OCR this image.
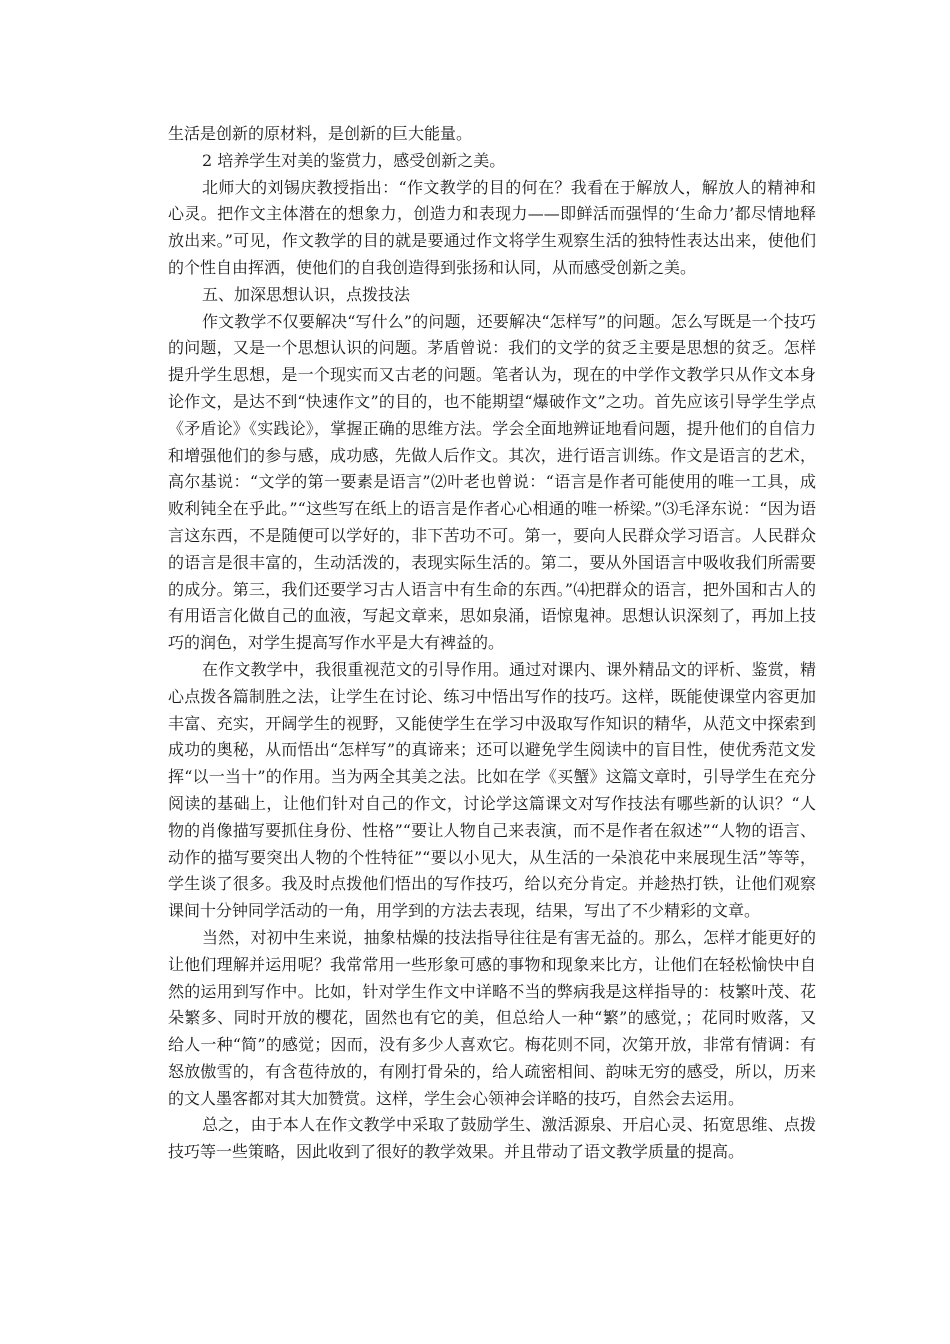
生活是创新的原材料，是创新的巨大能量。

2 培养学生对美的鉴赏力，感受创新之美。

北师大的刘锡庆教授指出：“作文教学的目的何在？我看在于解放人，解放人的精神和心灵。把作文主体潜在的想象力，创造力和表现力——即鲜活而强悍的‘生命力’都尽情地释放出来。”可见，作文教学的目的就是要通过作文将学生观察生活的独特性表达出来，使他们的个性自由挥洒，使他们的自我创造得到张扬和认同，从而感受创新之美。

五、加深思想认识，点拨技法

作文教学不仅要解决“写什么”的问题，还要解决“怎样写”的问题。怎么写既是一个技巧的问题，又是一个思想认识的问题。茅盾曾说：我们的文学的贫乏主要是思想的贫乏。怎样提升学生思想，是一个现实而又古老的问题。笔者认为，现在的中学作文教学只从作文本身论作文，是达不到“快速作文”的目的，也不能期望“爆破作文”之功。首先应该引导学生学点《矛盾论》《实践论》，掌握正确的思维方法。学会全面地辨证地看问题，提升他们的自信力和增强他们的参与感，成功感，先做人后作文。其次，进行语言训练。作文是语言的艺术，高尔基说：“文学的第一要素是语言”⑵叶老也曾说：“语言是作者可能使用的唯一工具，成败利钝全在乎此。”“这些写在纸上的语言是作者心心相通的唯一桥梁。”⑶毛泽东说：“因为语言这东西，不是随便可以学好的，非下苦功不可。第一，要向人民群众学习语言。人民群众的语言是很丰富的，生动活泼的，表现实际生活的。第二，要从外国语言中吸收我们所需要的成分。第三，我们还要学习古人语言中有生命的东西。”⑷把群众的语言，把外国和古人的有用语言化做自己的血液，写起文章来，思如泉涌，语惊鬼神。思想认识深刻了，再加上技巧的润色，对学生提高写作水平是大有裨益的。

在作文教学中，我很重视范文的引导作用。通过对课内、课外精品文的评析、鉴赏，精心点拨各篇制胜之法，让学生在讨论、练习中悟出写作的技巧。这样，既能使课堂内容更加丰富、充实，开阔学生的视野，又能使学生在学习中汲取写作知识的精华，从范文中探索到成功的奥秘，从而悟出“怎样写”的真谛来；还可以避免学生阅读中的盲目性，使优秀范文发挥“以一当十”的作用。当为两全其美之法。比如在学《买蟹》这篇文章时，引导学生在充分阅读的基础上，让他们针对自己的作文，讨论学这篇课文对写作技法有哪些新的认识？“人物的肖像描写要抓住身份、性格”“要让人物自己来表演，而不是作者在叙述”“人物的语言、动作的描写要突出人物的个性特征”“要以小见大，从生活的一朵浪花中来展现生活”等等，学生谈了很多。我及时点拨他们悟出的写作技巧，给以充分肯定。并趁热打铁，让他们观察课间十分钟同学活动的一角，用学到的方法去表现，结果，写出了不少精彩的文章。

当然，对初中生来说，抽象枯燥的技法指导往往是有害无益的。那么，怎样才能更好的让他们理解并运用呢？我常常用一些形象可感的事物和现象来比方，让他们在轻松愉快中自然的运用到写作中。比如，针对学生作文中详略不当的弊病我是这样指导的：枝繁叶茂、花朵繁多、同时开放的樱花，固然也有它的美，但总给人一种“繁”的感觉，；花同时败落，又给人一种“简”的感觉；因而，没有多少人喜欢它。梅花则不同，次第开放，非常有情调：有怒放傲雪的，有含苞待放的，有刚打骨朵的，给人疏密相间、韵味无穷的感受，所以，历来的文人墨客都对其大加赞赏。这样，学生会心领神会详略的技巧，自然会去运用。

总之，由于本人在作文教学中采取了鼓励学生、激活源泉、开启心灵、拓宽思维、点拨技巧等一些策略，因此收到了很好的教学效果。并且带动了语文教学质量的提高。
